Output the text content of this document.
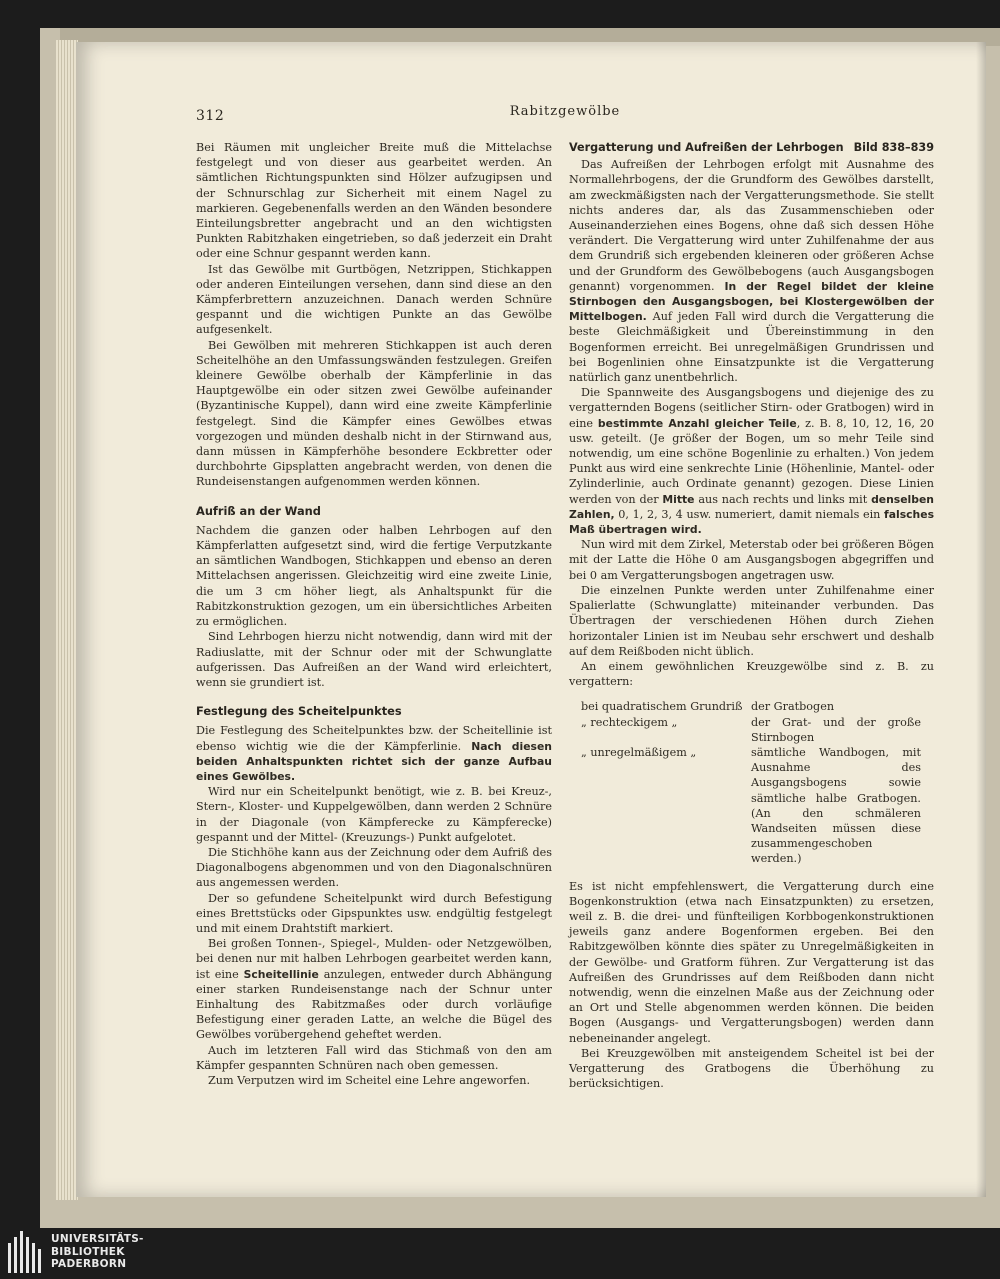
Rabitzgewölbe
312

Bei Räumen mit ungleicher Breite muß die Mittelachse festgelegt und von dieser aus gearbeitet werden. An sämtlichen Richtungspunkten sind Hölzer aufzugipsen und der Schnurschlag zur Sicherheit mit einem Nagel zu markieren. Gegebenenfalls werden an den Wänden besondere Einteilungsbretter angebracht und an den wichtigsten Punkten Rabitzhaken eingetrieben, so daß jederzeit ein Draht oder eine Schnur gespannt werden kann.

Ist das Gewölbe mit Gurtbögen, Netzrippen, Stichkappen oder anderen Einteilungen versehen, dann sind diese an den Kämpferbrettern anzuzeichnen. Danach werden Schnüre gespannt und die wichtigen Punkte an das Gewölbe aufgesenkelt.

Bei Gewölben mit mehreren Stichkappen ist auch deren Scheitelhöhe an den Umfassungswänden festzulegen. Greifen kleinere Gewölbe oberhalb der Kämpferlinie in das Hauptgewölbe ein oder sitzen zwei Gewölbe aufeinander (Byzantinische Kuppel), dann wird eine zweite Kämpferlinie festgelegt. Sind die Kämpfer eines Gewölbes etwas vorgezogen und münden deshalb nicht in der Stirnwand aus, dann müssen in Kämpferhöhe besondere Eckbretter oder durchbohrte Gipsplatten angebracht werden, von denen die Rundeisenstangen aufgenommen werden können.

Aufriß an der Wand

Nachdem die ganzen oder halben Lehrbogen auf den Kämpferlatten aufgesetzt sind, wird die fertige Verputzkante an sämtlichen Wandbogen, Stichkappen und ebenso an deren Mittelachsen angerissen. Gleichzeitig wird eine zweite Linie, die um 3 cm höher liegt, als Anhaltspunkt für die Rabitzkonstruktion gezogen, um ein übersichtliches Arbeiten zu ermöglichen.

Sind Lehrbogen hierzu nicht notwendig, dann wird mit der Radiuslatte, mit der Schnur oder mit der Schwunglatte aufgerissen. Das Aufreißen an der Wand wird erleichtert, wenn sie grundiert ist.

Festlegung des Scheitelpunktes

Die Festlegung des Scheitelpunktes bzw. der Scheitellinie ist ebenso wichtig wie die der Kämpferlinie. Nach diesen beiden Anhaltspunkten richtet sich der ganze Aufbau eines Gewölbes.

Wird nur ein Scheitelpunkt benötigt, wie z. B. bei Kreuz-, Stern-, Kloster- und Kuppelgewölben, dann werden 2 Schnüre in der Diagonale (von Kämpferecke zu Kämpferecke) gespannt und der Mittel- (Kreuzungs-) Punkt aufgelotet.

Die Stichhöhe kann aus der Zeichnung oder dem Aufriß des Diagonalbogens abgenommen und von den Diagonalschnüren aus angemessen werden.

Der so gefundene Scheitelpunkt wird durch Befestigung eines Brettstücks oder Gipspunktes usw. endgültig festgelegt und mit einem Drahtstift markiert.

Bei großen Tonnen-, Spiegel-, Mulden- oder Netzgewölben, bei denen nur mit halben Lehrbogen gearbeitet werden kann, ist eine Scheitellinie anzulegen, entweder durch Abhängung einer starken Rundeisenstange nach der Schnur unter Einhaltung des Rabitzmaßes oder durch vorläufige Befestigung einer geraden Latte, an welche die Bügel des Gewölbes vorübergehend geheftet werden.

Auch im letzteren Fall wird das Stichmaß von den am Kämpfer gespannten Schnüren nach oben gemessen.

Zum Verputzen wird im Scheitel eine Lehre angeworfen.

Vergatterung und Aufreißen der Lehrbogen Bild 838–839

Das Aufreißen der Lehrbogen erfolgt mit Ausnahme des Normallehrbogens, der die Grundform des Gewölbes darstellt, am zweckmäßigsten nach der Vergatterungsmethode. Sie stellt nichts anderes dar, als das Zusammenschieben oder Auseinanderziehen eines Bogens, ohne daß sich dessen Höhe verändert. Die Vergatterung wird unter Zuhilfenahme der aus dem Grundriß sich ergebenden kleineren oder größeren Achse und der Grundform des Gewölbebogens (auch Ausgangsbogen genannt) vorgenommen. In der Regel bildet der kleine Stirnbogen den Ausgangsbogen, bei Klostergewölben der Mittelbogen. Auf jeden Fall wird durch die Vergatterung die beste Gleichmäßigkeit und Übereinstimmung in den Bogenformen erreicht. Bei unregelmäßigen Grundrissen und bei Bogenlinien ohne Einsatzpunkte ist die Vergatterung natürlich ganz unentbehrlich.

Die Spannweite des Ausgangsbogens und diejenige des zu vergatternden Bogens (seitlicher Stirn- oder Gratbogen) wird in eine bestimmte Anzahl gleicher Teile, z. B. 8, 10, 12, 16, 20 usw. geteilt. (Je größer der Bogen, um so mehr Teile sind notwendig, um eine schöne Bogenlinie zu erhalten.) Von jedem Punkt aus wird eine senkrechte Linie (Höhenlinie, Mantel- oder Zylinderlinie, auch Ordinate genannt) gezogen. Diese Linien werden von der Mitte aus nach rechts und links mit denselben Zahlen, 0, 1, 2, 3, 4 usw. numeriert, damit niemals ein falsches Maß übertragen wird.

Nun wird mit dem Zirkel, Meterstab oder bei größeren Bögen mit der Latte die Höhe 0 am Ausgangsbogen abgegriffen und bei 0 am Vergatterungsbogen angetragen usw.

Die einzelnen Punkte werden unter Zuhilfenahme einer Spalierlatte (Schwunglatte) miteinander verbunden. Das Übertragen der verschiedenen Höhen durch Ziehen horizontaler Linien ist im Neubau sehr erschwert und deshalb auf dem Reißboden nicht üblich.

An einem gewöhnlichen Kreuzgewölbe sind z. B. zu vergattern:

bei quadratischem Grundriß	der Gratbogen
„ rechteckigem „	der Grat- und der große Stirnbogen
„ unregelmäßigem „	sämtliche Wandbogen, mit Ausnahme des Ausgangsbogens sowie sämtliche halbe Gratbogen. (An den schmäleren Wandseiten müssen diese zusammengeschoben werden.)

Es ist nicht empfehlenswert, die Vergatterung durch eine Bogenkonstruktion (etwa nach Einsatzpunkten) zu ersetzen, weil z. B. die drei- und fünfteiligen Korbbogenkonstruktionen jeweils ganz andere Bogenformen ergeben. Bei den Rabitzgewölben könnte dies später zu Unregelmäßigkeiten in der Gewölbe- und Gratform führen. Zur Vergatterung ist das Aufreißen des Grundrisses auf dem Reißboden dann nicht notwendig, wenn die einzelnen Maße aus der Zeichnung oder an Ort und Stelle abgenommen werden können. Die beiden Bogen (Ausgangs- und Vergatterungsbogen) werden dann nebeneinander angelegt.

Bei Kreuzgewölben mit ansteigendem Scheitel ist bei der Vergatterung des Gratbogens die Überhöhung zu berücksichtigen.

UNIVERSITÄTS-
BIBLIOTHEK
PADERBORN
